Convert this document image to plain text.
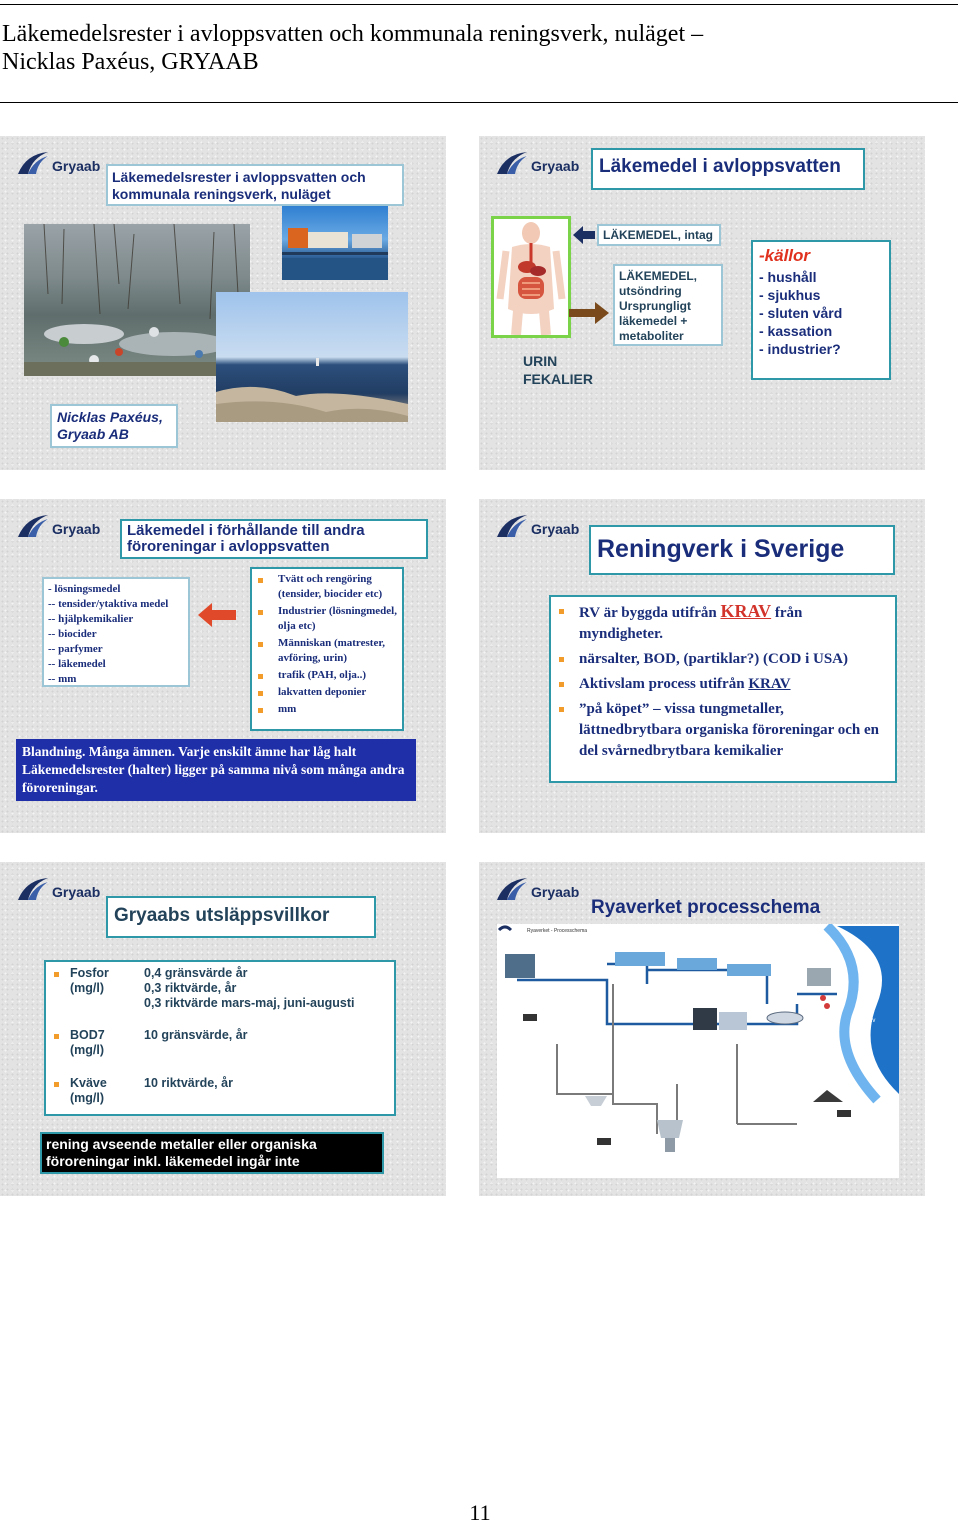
Läkemedelsrester i avloppsvatten och kommunala reningsverk, nuläget –
Nicklas Paxéus, GRYAAB
Gryaab
Läkemedelsrester i avloppsvatten och kommunala reningsverk, nuläget
Nicklas Paxéus, Gryaab AB
Gryaab Läkemedel i avloppsvatten
LÄKEMEDEL, intag
LÄKEMEDEL, utsöndring Ursprungligt läkemedel + metaboliter
URIN FEKALIER
-källor
- hushåll
- sjukhus
- sluten vård
- kassation
- industrier?
Gryaab Läkemedel i förhållande till andra föroreningar i avloppsvatten
- lösningsmedel
-- tensider/ytaktiva medel
-- hjälpkemikalier
-- biocider
-- parfymer
-- läkemedel
-- mm
Tvätt och rengöring (tensider, biocider etc)
Industrier (lösningmedel, olja etc)
Människan (matrester, avföring, urin)
trafik (PAH, olja..)
lakvatten deponier
mm
Blandning. Många ämnen. Varje enskilt ämne har låg halt Läkemedelsrester (halter) ligger på samma nivå som många andra föroreningar.
Gryaab
Reningverk i Sverige
RV är byggda utifrån KRAV från myndigheter.
närsalter, BOD, (partiklar?) (COD i USA)
Aktivslam process utifrån KRAV
”på köpet” – vissa tungmetaller, lättnedbrytbara organiska föroreningar och en del svårnedbrytbara kemikalier
Gryaab
Gryaabs utsläppsvillkor
Fosfor (mg/l)
0,4 gränsvärde år
0,3 riktvärde, år
0,3 riktvärde mars-maj, juni-augusti
BOD7 (mg/l)
10 gränsvärde, år
Kväve (mg/l)
10 riktvärde, år
rening avseende metaller eller organiska föroreningar inkl. läkemedel ingår inte
Gryaab
Ryaverket processchema
Ryaverket - Processchema
Göta älv
11
